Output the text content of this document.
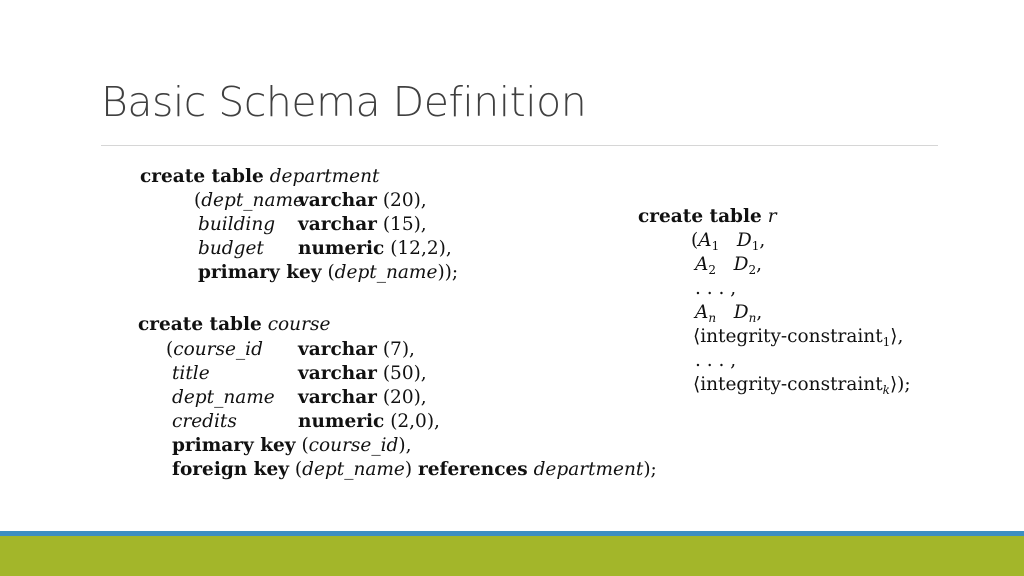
Basic Schema Definition
create table department
(dept_name
varchar (20),
building varchar (15),
budget numeric (12,2),
primary key (dept_name));
create table course
(course_id varchar (7),
title	varchar (50),
dept_name varchar (20),
credits	numeric (2,0),
primary key (course_id),
foreign key (dept_name) references department);
create table r
($A_1$ $D_1$,
$A_2$ $D_2$,
. . . ,
$A_n$ $D_n$,
⟨integrity-constraint$_1$⟩,
. . . ,
⟨integrity-constraint$_k$⟩);
